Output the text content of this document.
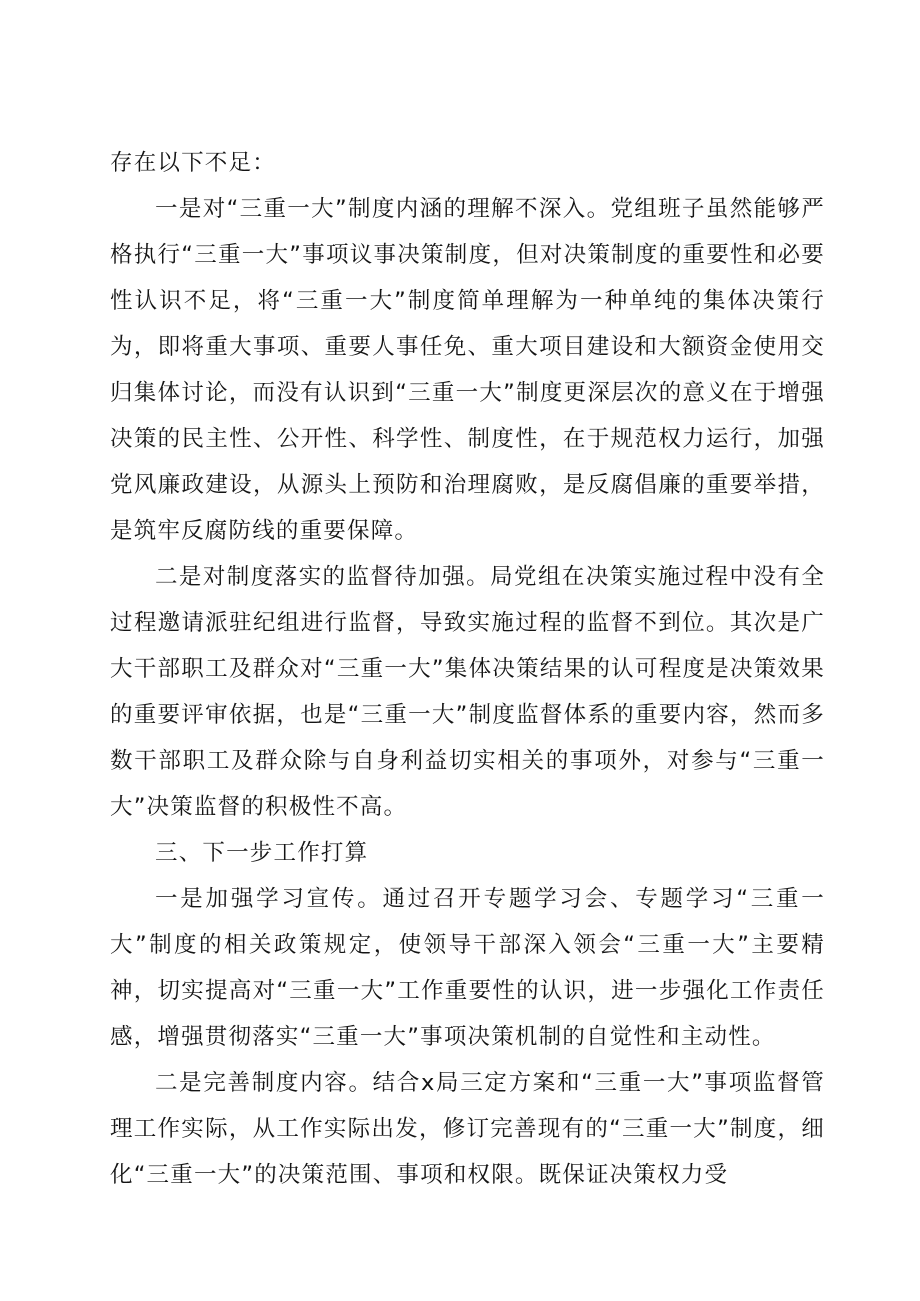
存在以下不足：

一是对“三重一大”制度内涵的理解不深入。党组班子虽然能够严格执行“三重一大”事项议事决策制度，但对决策制度的重要性和必要性认识不足，将“三重一大”制度简单理解为一种单纯的集体决策行为，即将重大事项、重要人事任免、重大项目建设和大额资金使用交归集体讨论，而没有认识到“三重一大”制度更深层次的意义在于增强决策的民主性、公开性、科学性、制度性，在于规范权力运行，加强党风廉政建设，从源头上预防和治理腐败，是反腐倡廉的重要举措，是筑牢反腐防线的重要保障。

二是对制度落实的监督待加强。局党组在决策实施过程中没有全过程邀请派驻纪组进行监督，导致实施过程的监督不到位。其次是广大干部职工及群众对“三重一大”集体决策结果的认可程度是决策效果的重要评审依据，也是“三重一大”制度监督体系的重要内容，然而多数干部职工及群众除与自身利益切实相关的事项外，对参与“三重一大”决策监督的积极性不高。

三、下一步工作打算

一是加强学习宣传。通过召开专题学习会、专题学习“三重一大”制度的相关政策规定，使领导干部深入领会“三重一大”主要精神，切实提高对“三重一大”工作重要性的认识，进一步强化工作责任感，增强贯彻落实“三重一大”事项决策机制的自觉性和主动性。

二是完善制度内容。结合x局三定方案和“三重一大”事项监督管理工作实际，从工作实际出发，修订完善现有的“三重一大”制度，细化“三重一大”的决策范围、事项和权限。既保证决策权力受
